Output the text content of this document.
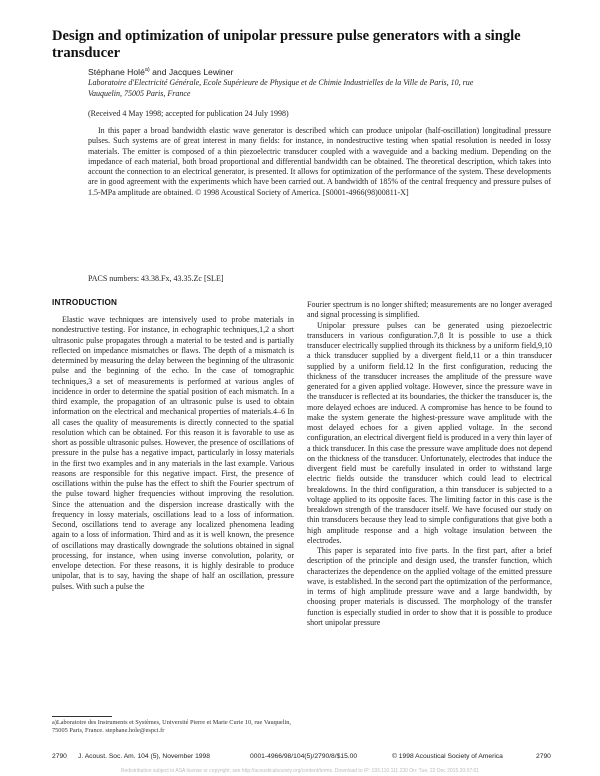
Design and optimization of unipolar pressure pulse generators with a single transducer
Stéphane Holé$^{a)}$ and Jacques Lewiner
Laboratoire d'Electricité Générale, Ecole Supérieure de Physique et de Chimie Industrielles de la Ville de Paris, 10, rue Vauquelin, 75005 Paris, France
(Received 4 May 1998; accepted for publication 24 July 1998)
In this paper a broad bandwidth elastic wave generator is described which can produce unipolar (half-oscillation) longitudinal pressure pulses. Such systems are of great interest in many fields: for instance, in nondestructive testing when spatial resolution is needed in lossy materials. The emitter is composed of a thin piezoelectric transducer coupled with a waveguide and a backing medium. Depending on the impedance of each material, both broad proportional and differential bandwidth can be obtained. The theoretical description, which takes into account the connection to an electrical generator, is presented. It allows for optimization of the performance of the system. These developments are in good agreement with the experiments which have been carried out. A bandwidth of 185% of the central frequency and pressure pulses of 1.5-MPa amplitude are obtained. © 1998 Acoustical Society of America. [S0001-4966(98)00811-X]
PACS numbers: 43.38.Fx, 43.35.Zc [SLE]
INTRODUCTION

Elastic wave techniques are intensively used to probe materials in nondestructive testing. For instance, in echographic techniques,1,2 a short ultrasonic pulse propagates through a material to be tested and is partially reflected on impedance mismatches or flaws. The depth of a mismatch is determined by measuring the delay between the beginning of the ultrasonic pulse and the beginning of the echo. In the case of tomographic techniques,3 a set of measurements is performed at various angles of incidence in order to determine the spatial position of each mismatch. In a third example, the propagation of an ultrasonic pulse is used to obtain information on the electrical and mechanical properties of materials.4–6 In all cases the quality of measurements is directly connected to the spatial resolution which can be obtained. For this reason it is favorable to use as short as possible ultrasonic pulses. However, the presence of oscillations of pressure in the pulse has a negative impact, particularly in lossy materials in the first two examples and in any materials in the last example. Various reasons are responsible for this negative impact. First, the presence of oscillations within the pulse has the effect to shift the Fourier spectrum of the pulse toward higher frequencies without improving the resolution. Since the attenuation and the dispersion increase drastically with the frequency in lossy materials, oscillations lead to a loss of information. Second, oscillations tend to average any localized phenomena leading again to a loss of information. Third and as it is well known, the presence of oscillations may drastically downgrade the solutions obtained in signal processing, for instance, when using inverse convolution, polarity, or envelope detection. For these reasons, it is highly desirable to produce unipolar, that is to say, having the shape of half an oscillation, pressure pulses. With such a pulse the

Fourier spectrum is no longer shifted; measurements are no longer averaged and signal processing is simplified.

Unipolar pressure pulses can be generated using piezoelectric transducers in various configuration.7,8 It is possible to use a thick transducer electrically supplied through its thickness by a uniform field,9,10 a thick transducer supplied by a divergent field,11 or a thin transducer supplied by a uniform field.12 In the first configuration, reducing the thickness of the transducer increases the amplitude of the pressure wave generated for a given applied voltage. However, since the pressure wave in the transducer is reflected at its boundaries, the thicker the transducer is, the more delayed echoes are induced. A compromise has hence to be found to make the system generate the highest-pressure wave amplitude with the most delayed echoes for a given applied voltage. In the second configuration, an electrical divergent field is produced in a very thin layer of a thick transducer. In this case the pressure wave amplitude does not depend on the thickness of the transducer. Unfortunately, electrodes that induce the divergent field must be carefully insulated in order to withstand large electric fields outside the transducer which could lead to electrical breakdowns. In the third configuration, a thin transducer is subjected to a voltage applied to its opposite faces. The limiting factor in this case is the breakdown strength of the transducer itself. We have focused our study on thin transducers because they lead to simple configurations that give both a high amplitude response and a high voltage insulation between the electrodes.

This paper is separated into five parts. In the first part, after a brief description of the principle and design used, the transfer function, which characterizes the dependence on the applied voltage of the emitted pressure wave, is established. In the second part the optimization of the performance, in terms of high amplitude pressure wave and a large bandwidth, by choosing proper materials is discussed. The morphology of the transfer function is especially studied in order to show that it is possible to produce short unipolar pressure

a)Laboratoire des Instruments et Systèmes, Université Pierre et Marie Curie 10, rue Vauquelin, 75005 Paris, France. stephane.hole@espci.fr
2790 J. Acoust. Soc. Am. 104 (5), November 1998	0001-4966/98/104(5)/2790/8/$15.00	© 1998 Acoustical Society of America	2790
Redistribution subject to ASA license or copyright; see http://acousticalsociety.org/content/terms. Download to IP: 193.110.111.230 On: Tue, 22 Dec 2015 20:07:01
